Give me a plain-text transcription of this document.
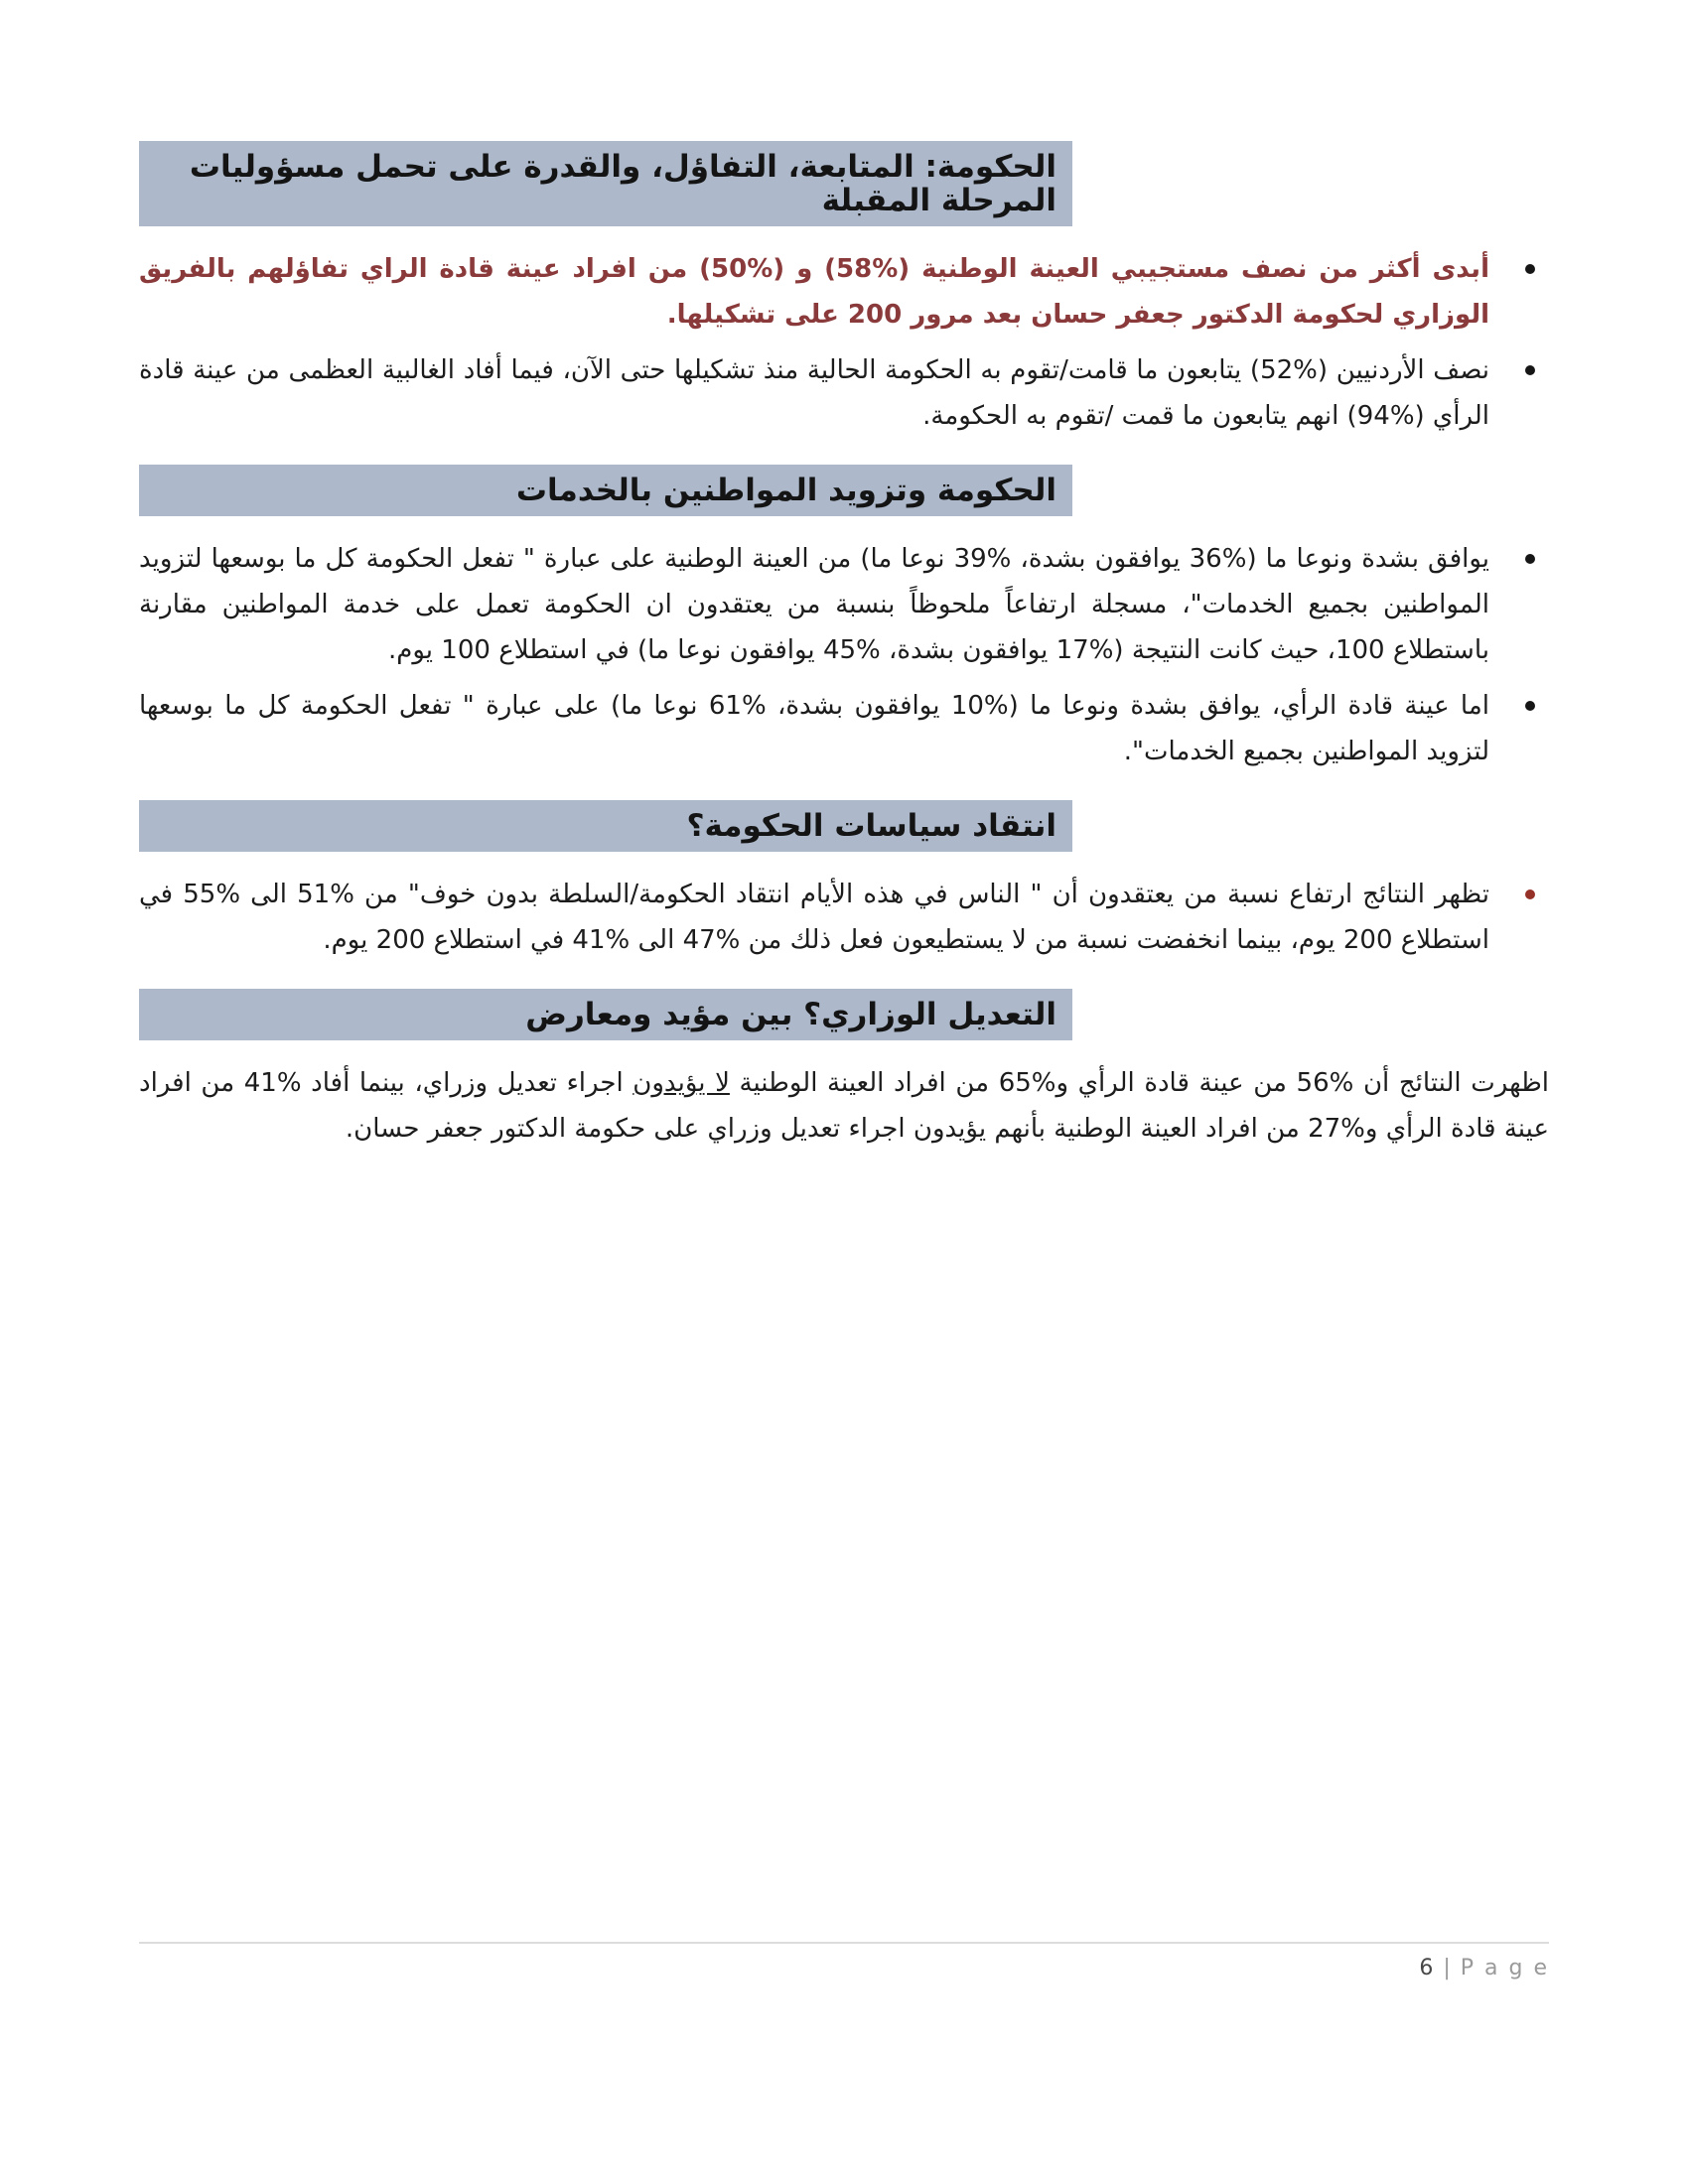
الحكومة: المتابعة، التفاؤل، والقدرة على تحمل مسؤوليات المرحلة المقبلة
أبدى أكثر من نصف مستجيبي العينة الوطنية (%58) و (%50) من افراد عينة قادة الراي تفاؤلهم بالفريق الوزاري لحكومة الدكتور جعفر حسان بعد مرور 200 على تشكيلها.
نصف الأردنيين (%52) يتابعون ما قامت/تقوم به الحكومة الحالية منذ تشكيلها حتى الآن، فيما أفاد الغالبية العظمى من عينة قادة الرأي (%94) انهم يتابعون ما قمت /تقوم به الحكومة.
الحكومة وتزويد المواطنين بالخدمات
يوافق بشدة ونوعا ما (%36 يوافقون بشدة، %39 نوعا ما) من العينة الوطنية على عبارة " تفعل الحكومة كل ما بوسعها لتزويد المواطنين بجميع الخدمات"، مسجلة ارتفاعاً ملحوظاً بنسبة من يعتقدون ان الحكومة تعمل على خدمة المواطنين مقارنة باستطلاع 100، حيث كانت النتيجة (%17 يوافقون بشدة، %45 يوافقون نوعا ما) في استطلاع 100 يوم.
اما عينة قادة الرأي، يوافق بشدة ونوعا ما (%10 يوافقون بشدة، %61 نوعا ما) على عبارة " تفعل الحكومة كل ما بوسعها لتزويد المواطنين بجميع الخدمات".
انتقاد سياسات الحكومة؟
تظهر النتائج ارتفاع نسبة من يعتقدون أن " الناس في هذه الأيام انتقاد الحكومة/السلطة بدون خوف" من %51 الى %55 في استطلاع 200 يوم، بينما انخفضت نسبة من لا يستطيعون فعل ذلك من %47 الى %41 في استطلاع 200 يوم.
التعديل الوزاري؟ بين مؤيد ومعارض

اظهرت النتائج أن %56 من عينة قادة الرأي و%65 من افراد العينة الوطنية لا يؤيدون اجراء تعديل وزراي، بينما أفاد %41 من افراد عينة قادة الرأي و%27 من افراد العينة الوطنية بأنهم يؤيدون اجراء تعديل وزراي على حكومة الدكتور جعفر حسان.

6 | P a g e
